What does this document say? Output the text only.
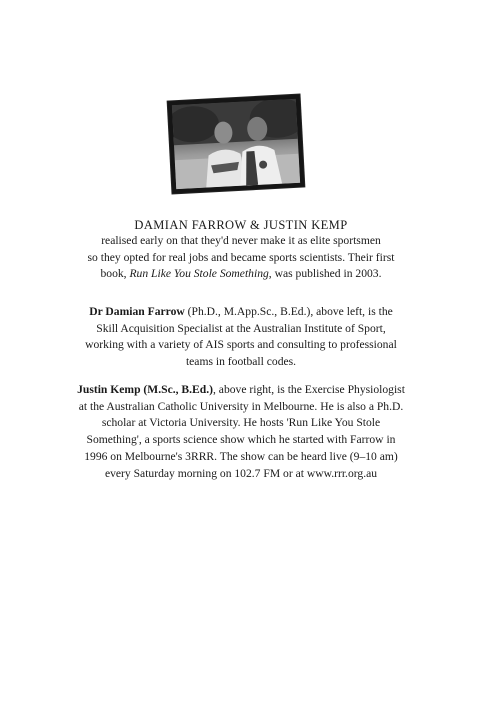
DAMIAN FARROW & JUSTIN KEMP
realised early on that they'd never make it as elite sportsmen
so they opted for real jobs and became sports scientists. Their first
book, Run Like You Stole Something, was published in 2003.
Dr Damian Farrow (Ph.D., M.App.Sc., B.Ed.), above left, is the
Skill Acquisition Specialist at the Australian Institute of Sport,
working with a variety of AIS sports and consulting to professional
teams in football codes.
Justin Kemp (M.Sc., B.Ed.), above right, is the Exercise Physiologist
at the Australian Catholic University in Melbourne. He is also a Ph.D.
scholar at Victoria University. He hosts 'Run Like You Stole
Something', a sports science show which he started with Farrow in
1996 on Melbourne's 3RRR. The show can be heard live (9–10 am)
every Saturday morning on 102.7 FM or at www.rrr.org.au
